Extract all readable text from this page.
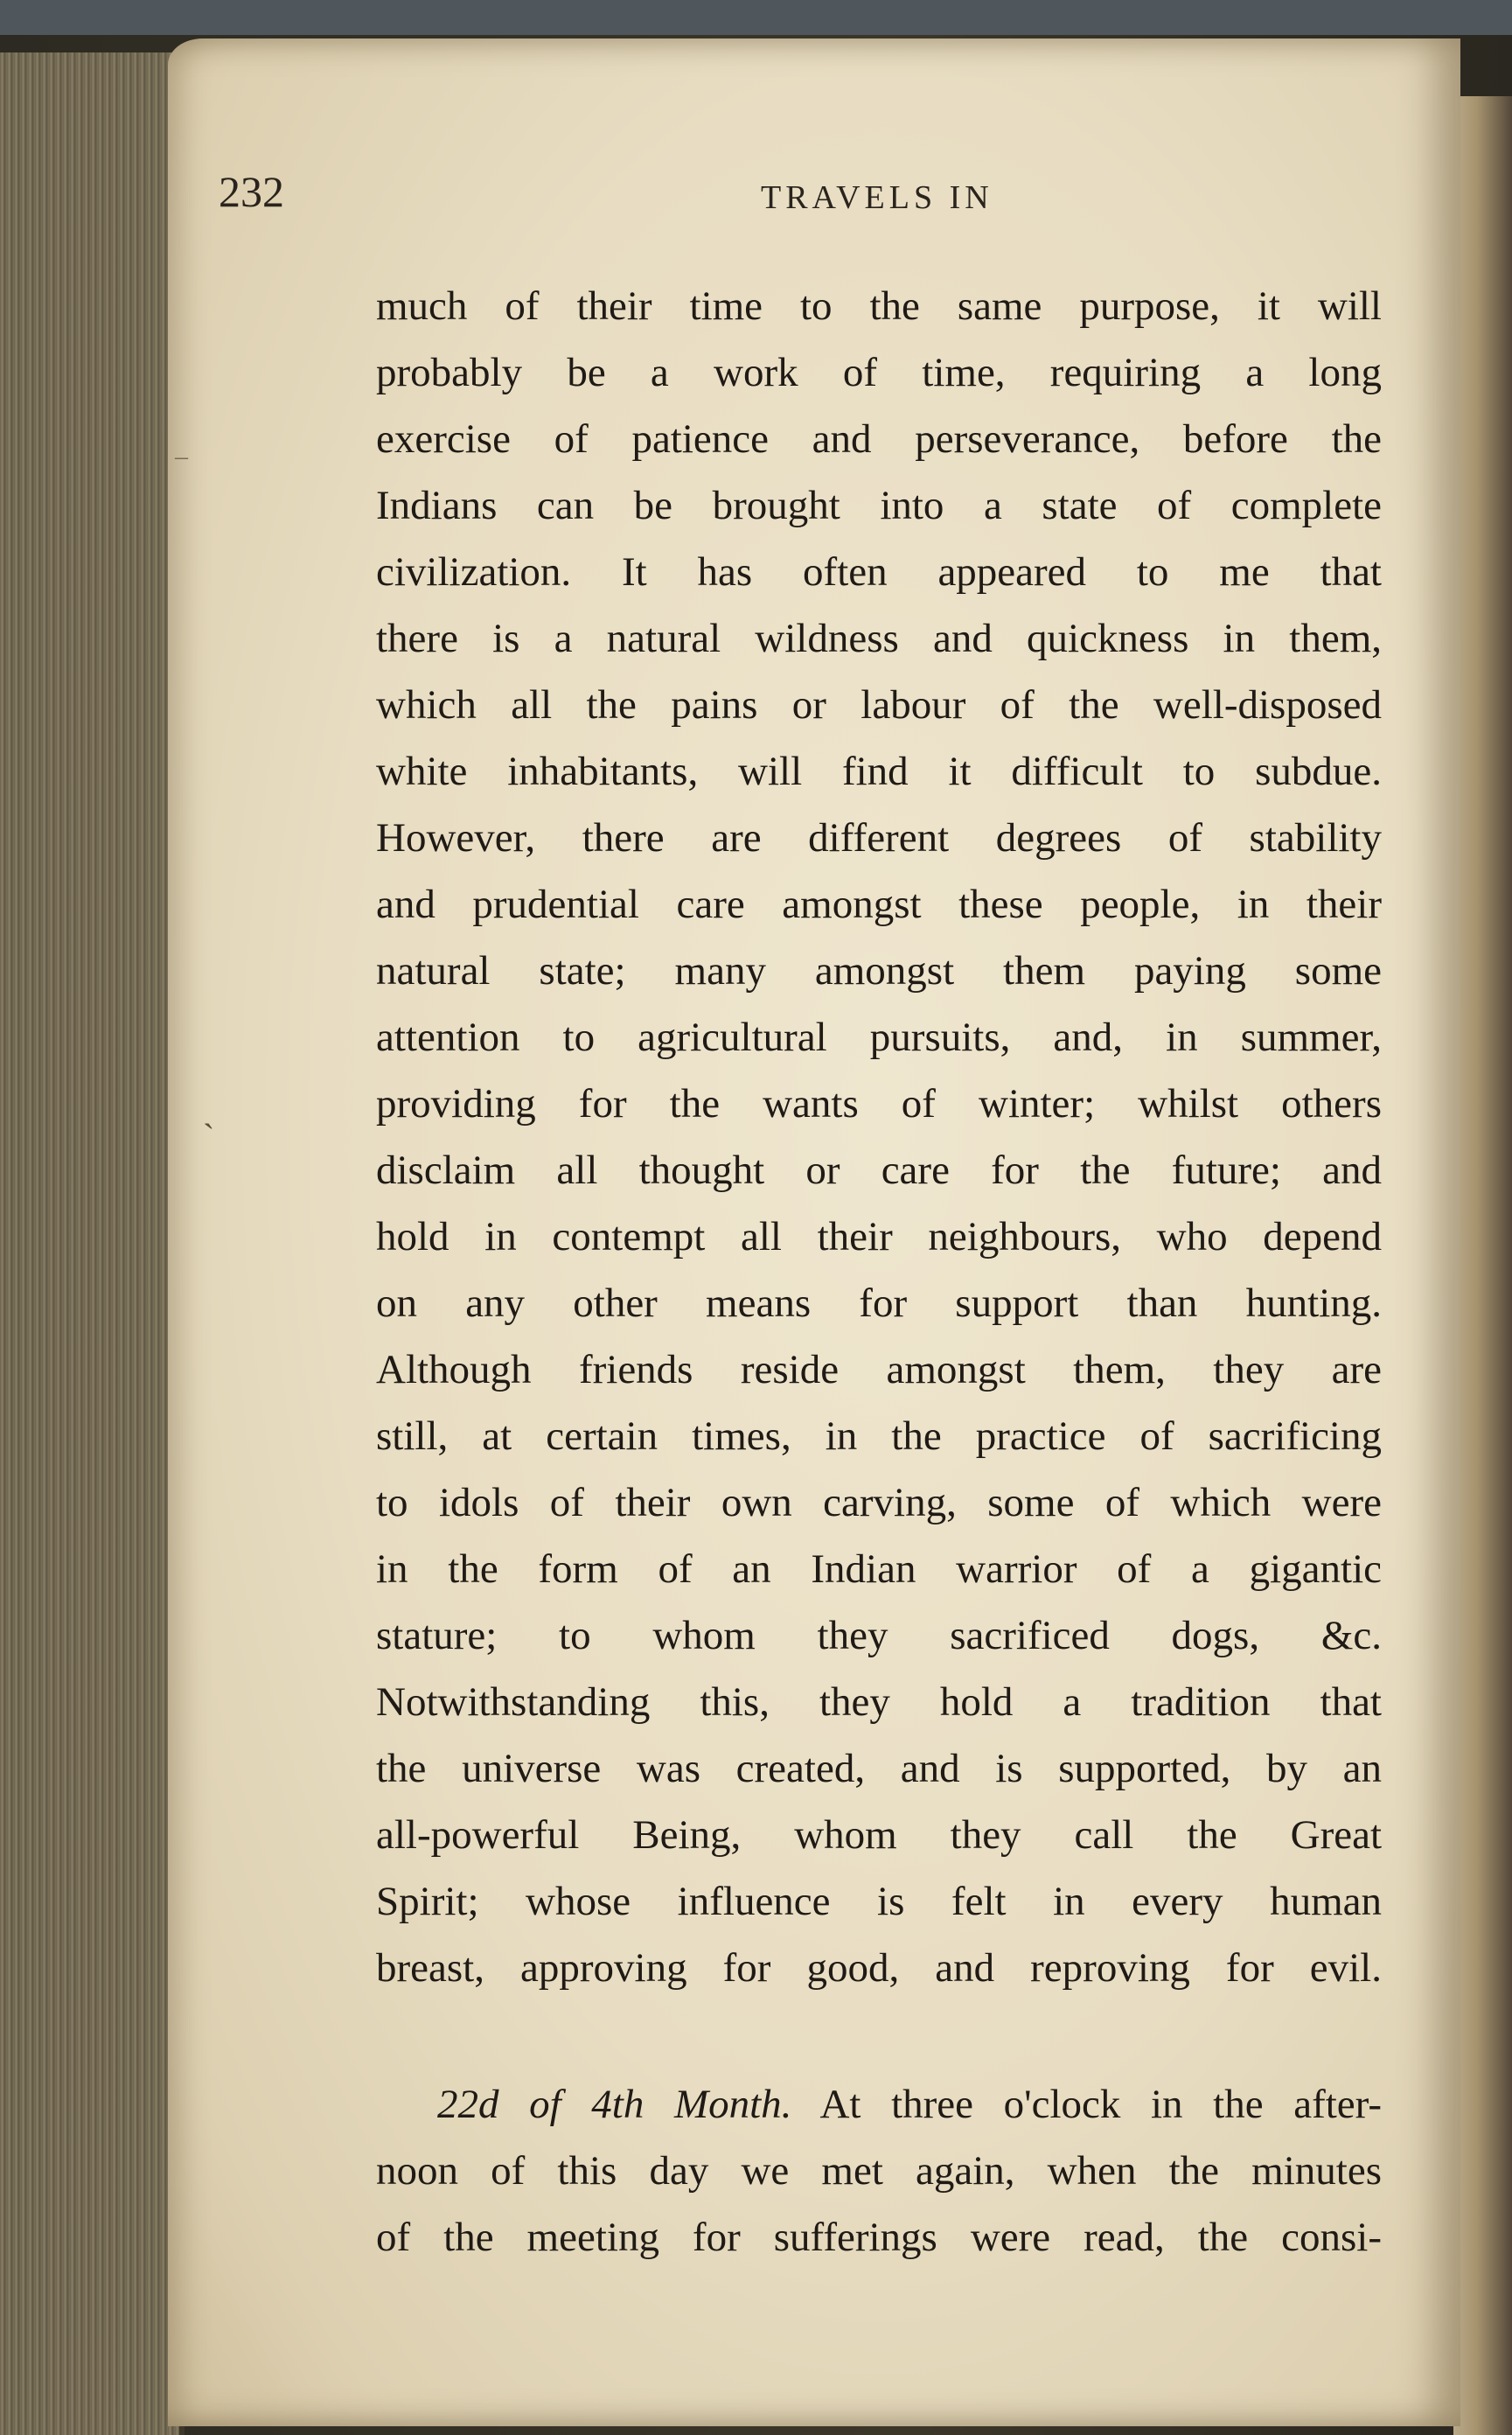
232	TRAVELS IN
–
ˏ
much of their time to the same purpose, it will
probably be a work of time, requiring a long
exercise of patience and perseverance, before the
Indians can be brought into a state of complete
civilization. It has often appeared to me that
there is a natural wildness and quickness in them,
which all the pains or labour of the well-disposed
white inhabitants, will find it difficult to subdue.
However, there are different degrees of stability
and prudential care amongst these people, in their
natural state; many amongst them paying some
attention to agricultural pursuits, and, in summer,
providing for the wants of winter; whilst others
disclaim all thought or care for the future; and
hold in contempt all their neighbours, who depend
on any other means for support than hunting.
Although friends reside amongst them, they are
still, at certain times, in the practice of sacrificing
to idols of their own carving, some of which were
in the form of an Indian warrior of a gigantic
stature; to whom they sacrificed dogs, &c.
Notwithstanding this, they hold a tradition that
the universe was created, and is supported, by an
all-powerful Being, whom they call the Great
Spirit; whose influence is felt in every human
breast, approving for good, and reproving for evil.
22d of 4th Month. At three o'clock in the after-
noon of this day we met again, when the minutes
of the meeting for sufferings were read, the consi-
